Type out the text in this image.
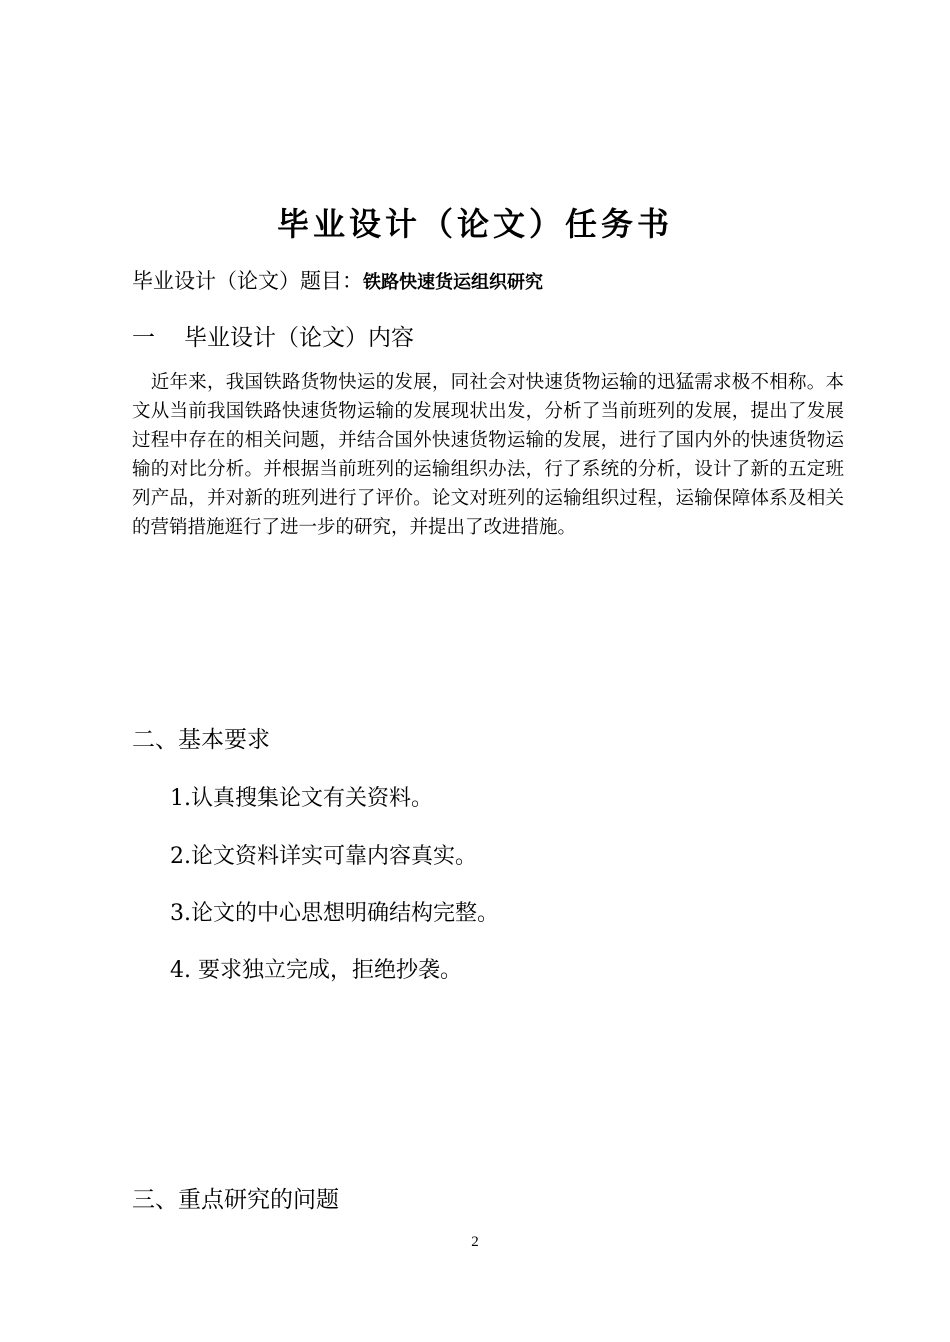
毕业设计（论文）任务书
毕业设计（论文）题目：铁路快速货运组织研究
一 毕业设计（论文）内容

　近年来，我国铁路货物快运的发展，同社会对快速货物运输的迅猛需求极不相称。本文从当前我国铁路快速货物运输的发展现状出发，分析了当前班列的发展，提出了发展过程中存在的相关问题，并结合国外快速货物运输的发展，进行了国内外的快速货物运输的对比分析。并根据当前班列的运输组织办法，行了系统的分析，设计了新的五定班列产品，并对新的班列进行了评价。论文对班列的运输组织过程，运输保障体系及相关的营销措施逛行了进一步的研究，并提出了改进措施。

二、基本要求
1.认真搜集论文有关资料。
2.论文资料详实可靠内容真实。
3.论文的中心思想明确结构完整。
4. 要求独立完成，拒绝抄袭。
三、重点研究的问题
2
